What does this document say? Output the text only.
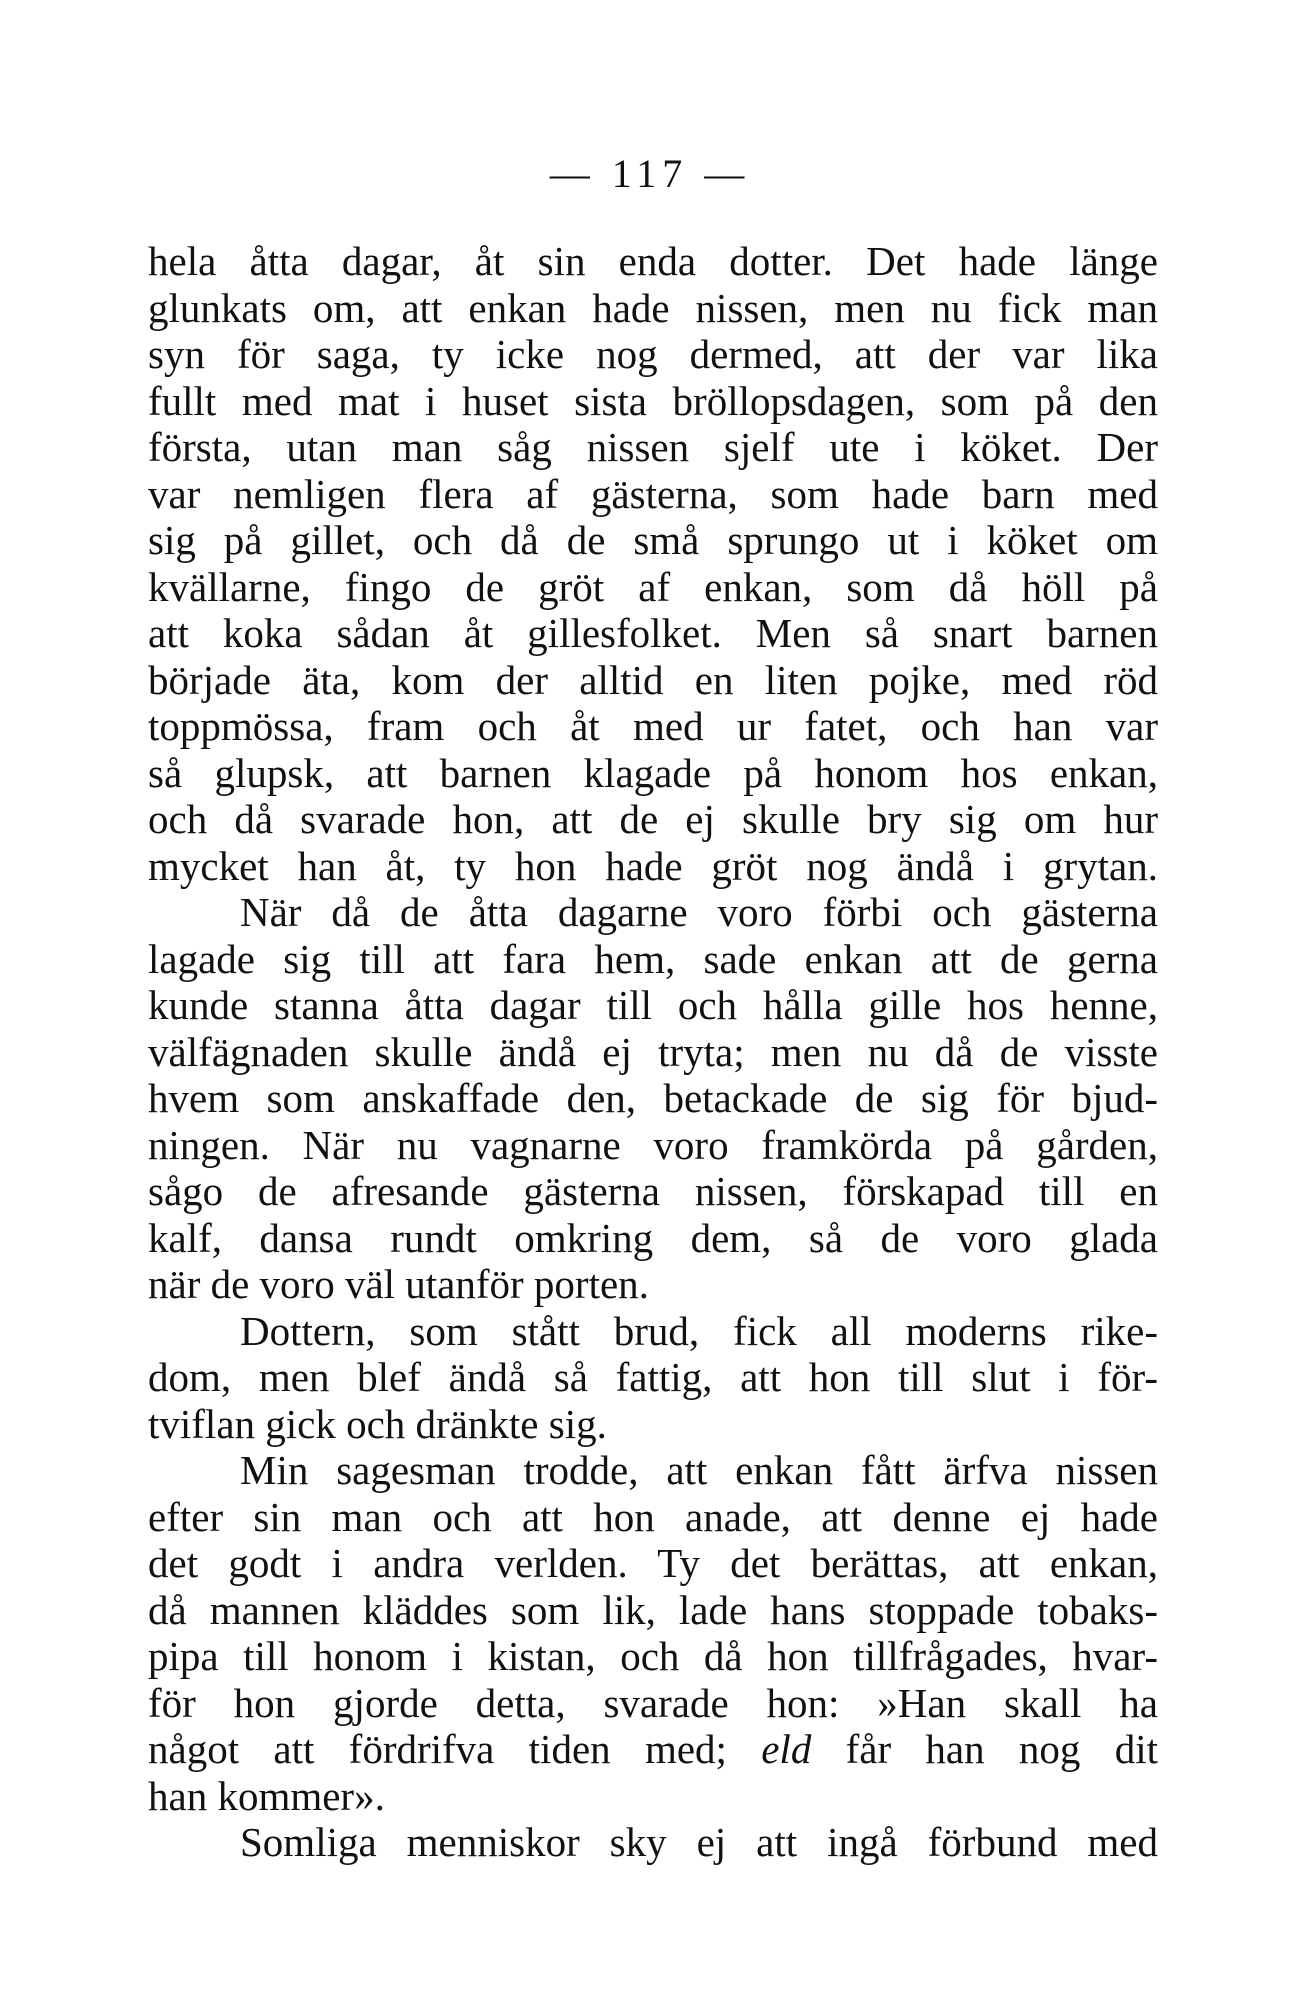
— 117 —
hela åtta dagar, åt sin enda dotter. Det hade länge
glunkats om, att enkan hade nissen, men nu fick man
syn för saga, ty icke nog dermed, att der var lika
fullt med mat i huset sista bröllopsdagen, som på den
första, utan man såg nissen sjelf ute i köket. Der
var nemligen flera af gästerna, som hade barn med
sig på gillet, och då de små sprungo ut i köket om
kvällarne, fingo de gröt af enkan, som då höll på
att koka sådan åt gillesfolket. Men så snart barnen
började äta, kom der alltid en liten pojke, med röd
toppmössa, fram och åt med ur fatet, och han var
så glupsk, att barnen klagade på honom hos enkan,
och då svarade hon, att de ej skulle bry sig om hur
mycket han åt, ty hon hade gröt nog ändå i grytan.
När då de åtta dagarne voro förbi och gästerna
lagade sig till att fara hem, sade enkan att de gerna
kunde stanna åtta dagar till och hålla gille hos henne,
välfägnaden skulle ändå ej tryta; men nu då de visste
hvem som anskaffade den, betackade de sig för bjud-
ningen. När nu vagnarne voro framkörda på gården,
sågo de afresande gästerna nissen, förskapad till en
kalf, dansa rundt omkring dem, så de voro glada
när de voro väl utanför porten.
Dottern, som stått brud, fick all moderns rike-
dom, men blef ändå så fattig, att hon till slut i för-
tviflan gick och dränkte sig.
Min sagesman trodde, att enkan fått ärfva nissen
efter sin man och att hon anade, att denne ej hade
det godt i andra verlden. Ty det berättas, att enkan,
då mannen kläddes som lik, lade hans stoppade tobaks-
pipa till honom i kistan, och då hon tillfrågades, hvar-
för hon gjorde detta, svarade hon: »Han skall ha
något att fördrifva tiden med; eld får han nog dit
han kommer».
Somliga menniskor sky ej att ingå förbund med
